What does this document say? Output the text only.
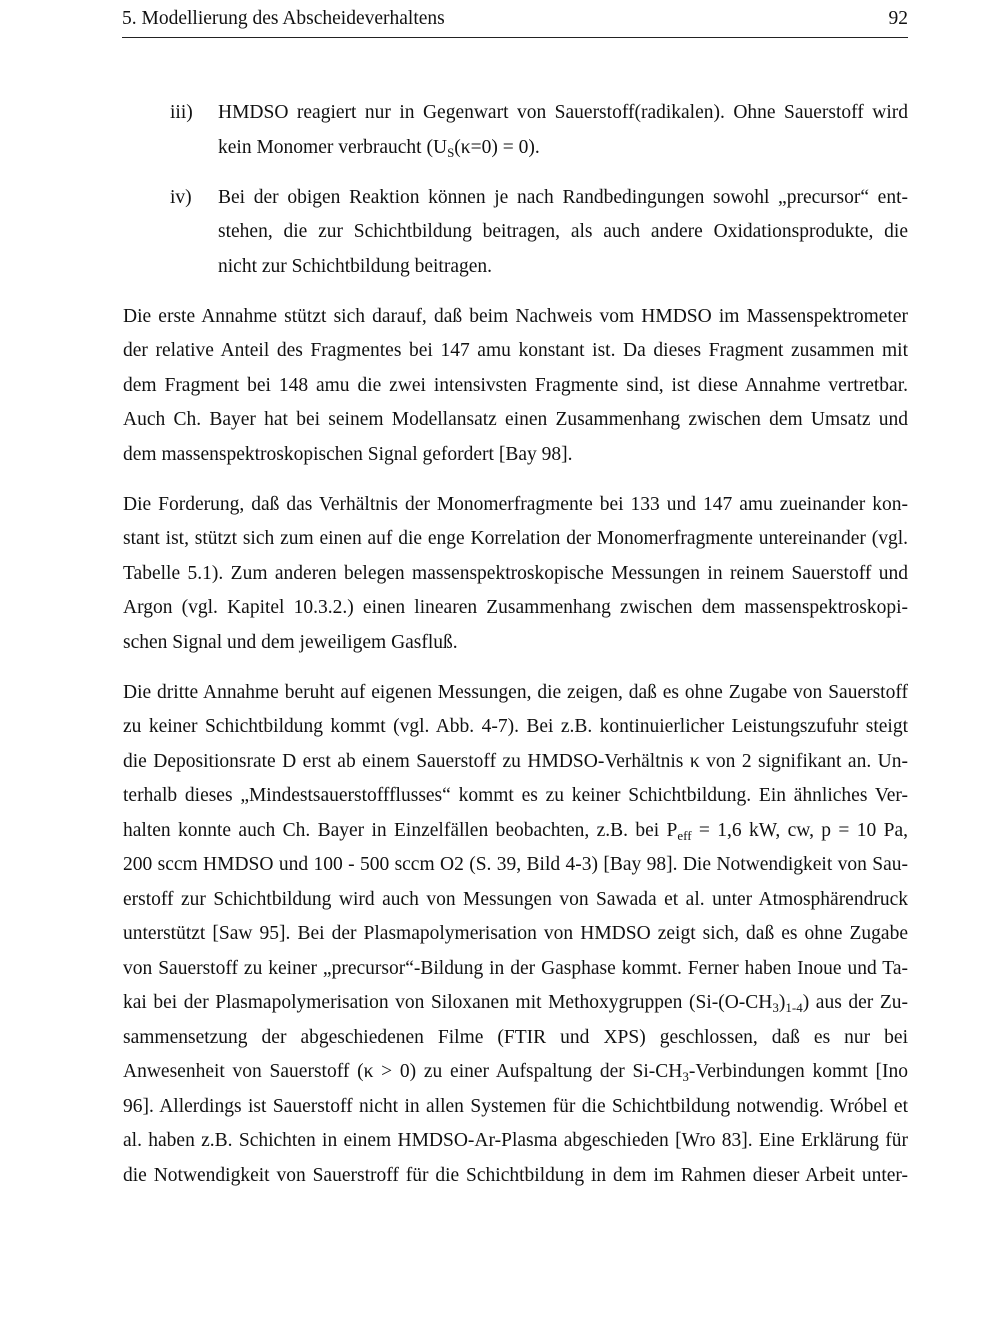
5. Modellierung des Abscheideverhaltens	92
iii) HMDSO reagiert nur in Gegenwart von Sauerstoff(radikalen). Ohne Sauerstoff wird
kein Monomer verbraucht $(U_S(\kappa=0) = 0)$.
iv) Bei der obigen Reaktion können je nach Randbedingungen sowohl „precursor“ ent-
stehen, die zur Schichtbildung beitragen, als auch andere Oxidationsprodukte, die
nicht zur Schichtbildung beitragen.
Die erste Annahme stützt sich darauf, daß beim Nachweis vom HMDSO im Massenspektrometer
der relative Anteil des Fragmentes bei 147 amu konstant ist. Da dieses Fragment zusammen mit
dem Fragment bei 148 amu die zwei intensivsten Fragmente sind, ist diese Annahme vertretbar.
Auch Ch. Bayer hat bei seinem Modellansatz einen Zusammenhang zwischen dem Umsatz und
dem massenspektroskopischen Signal gefordert [Bay 98].
Die Forderung, daß das Verhältnis der Monomerfragmente bei 133 und 147 amu zueinander kon-
stant ist, stützt sich zum einen auf die enge Korrelation der Monomerfragmente untereinander (vgl.
Tabelle 5.1). Zum anderen belegen massenspektroskopische Messungen in reinem Sauerstoff und
Argon (vgl. Kapitel 10.3.2.) einen linearen Zusammenhang zwischen dem massenspektroskopi-
schen Signal und dem jeweiligem Gasfluß.
Die dritte Annahme beruht auf eigenen Messungen, die zeigen, daß es ohne Zugabe von Sauerstoff
zu keiner Schichtbildung kommt (vgl. Abb. 4-7). Bei z.B. kontinuierlicher Leistungszufuhr steigt
die Depositionsrate D erst ab einem Sauerstoff zu HMDSO-Verhältnis κ von 2 signifikant an. Un-
terhalb dieses „Mindestsauerstoffflusses“ kommt es zu keiner Schichtbildung. Ein ähnliches Ver-
halten konnte auch Ch. Bayer in Einzelfällen beobachten, z.B. bei $P_{eff} = 1,6$ kW, cw, p = 10 Pa,
200 sccm HMDSO und 100 - 500 sccm O2 (S. 39, Bild 4-3) [Bay 98]. Die Notwendigkeit von Sau-
erstoff zur Schichtbildung wird auch von Messungen von Sawada et al. unter Atmosphärendruck
unterstützt [Saw 95]. Bei der Plasmapolymerisation von HMDSO zeigt sich, daß es ohne Zugabe
von Sauerstoff zu keiner „precursor“-Bildung in der Gasphase kommt. Ferner haben Inoue und Ta-
kai bei der Plasmapolymerisation von Siloxanen mit Methoxygruppen $(Si-(O-CH_3)_{1-4})$ aus der Zu-
sammensetzung der abgeschiedenen Filme (FTIR und XPS) geschlossen, daß es nur bei
Anwesenheit von Sauerstoff (κ > 0) zu einer Aufspaltung der $Si-CH_3$-Verbindungen kommt [Ino
96]. Allerdings ist Sauerstoff nicht in allen Systemen für die Schichtbildung notwendig. Wróbel et
al. haben z.B. Schichten in einem HMDSO-Ar-Plasma abgeschieden [Wro 83]. Eine Erklärung für
die Notwendigkeit von Sauerstroff für die Schichtbildung in dem im Rahmen dieser Arbeit unter-
